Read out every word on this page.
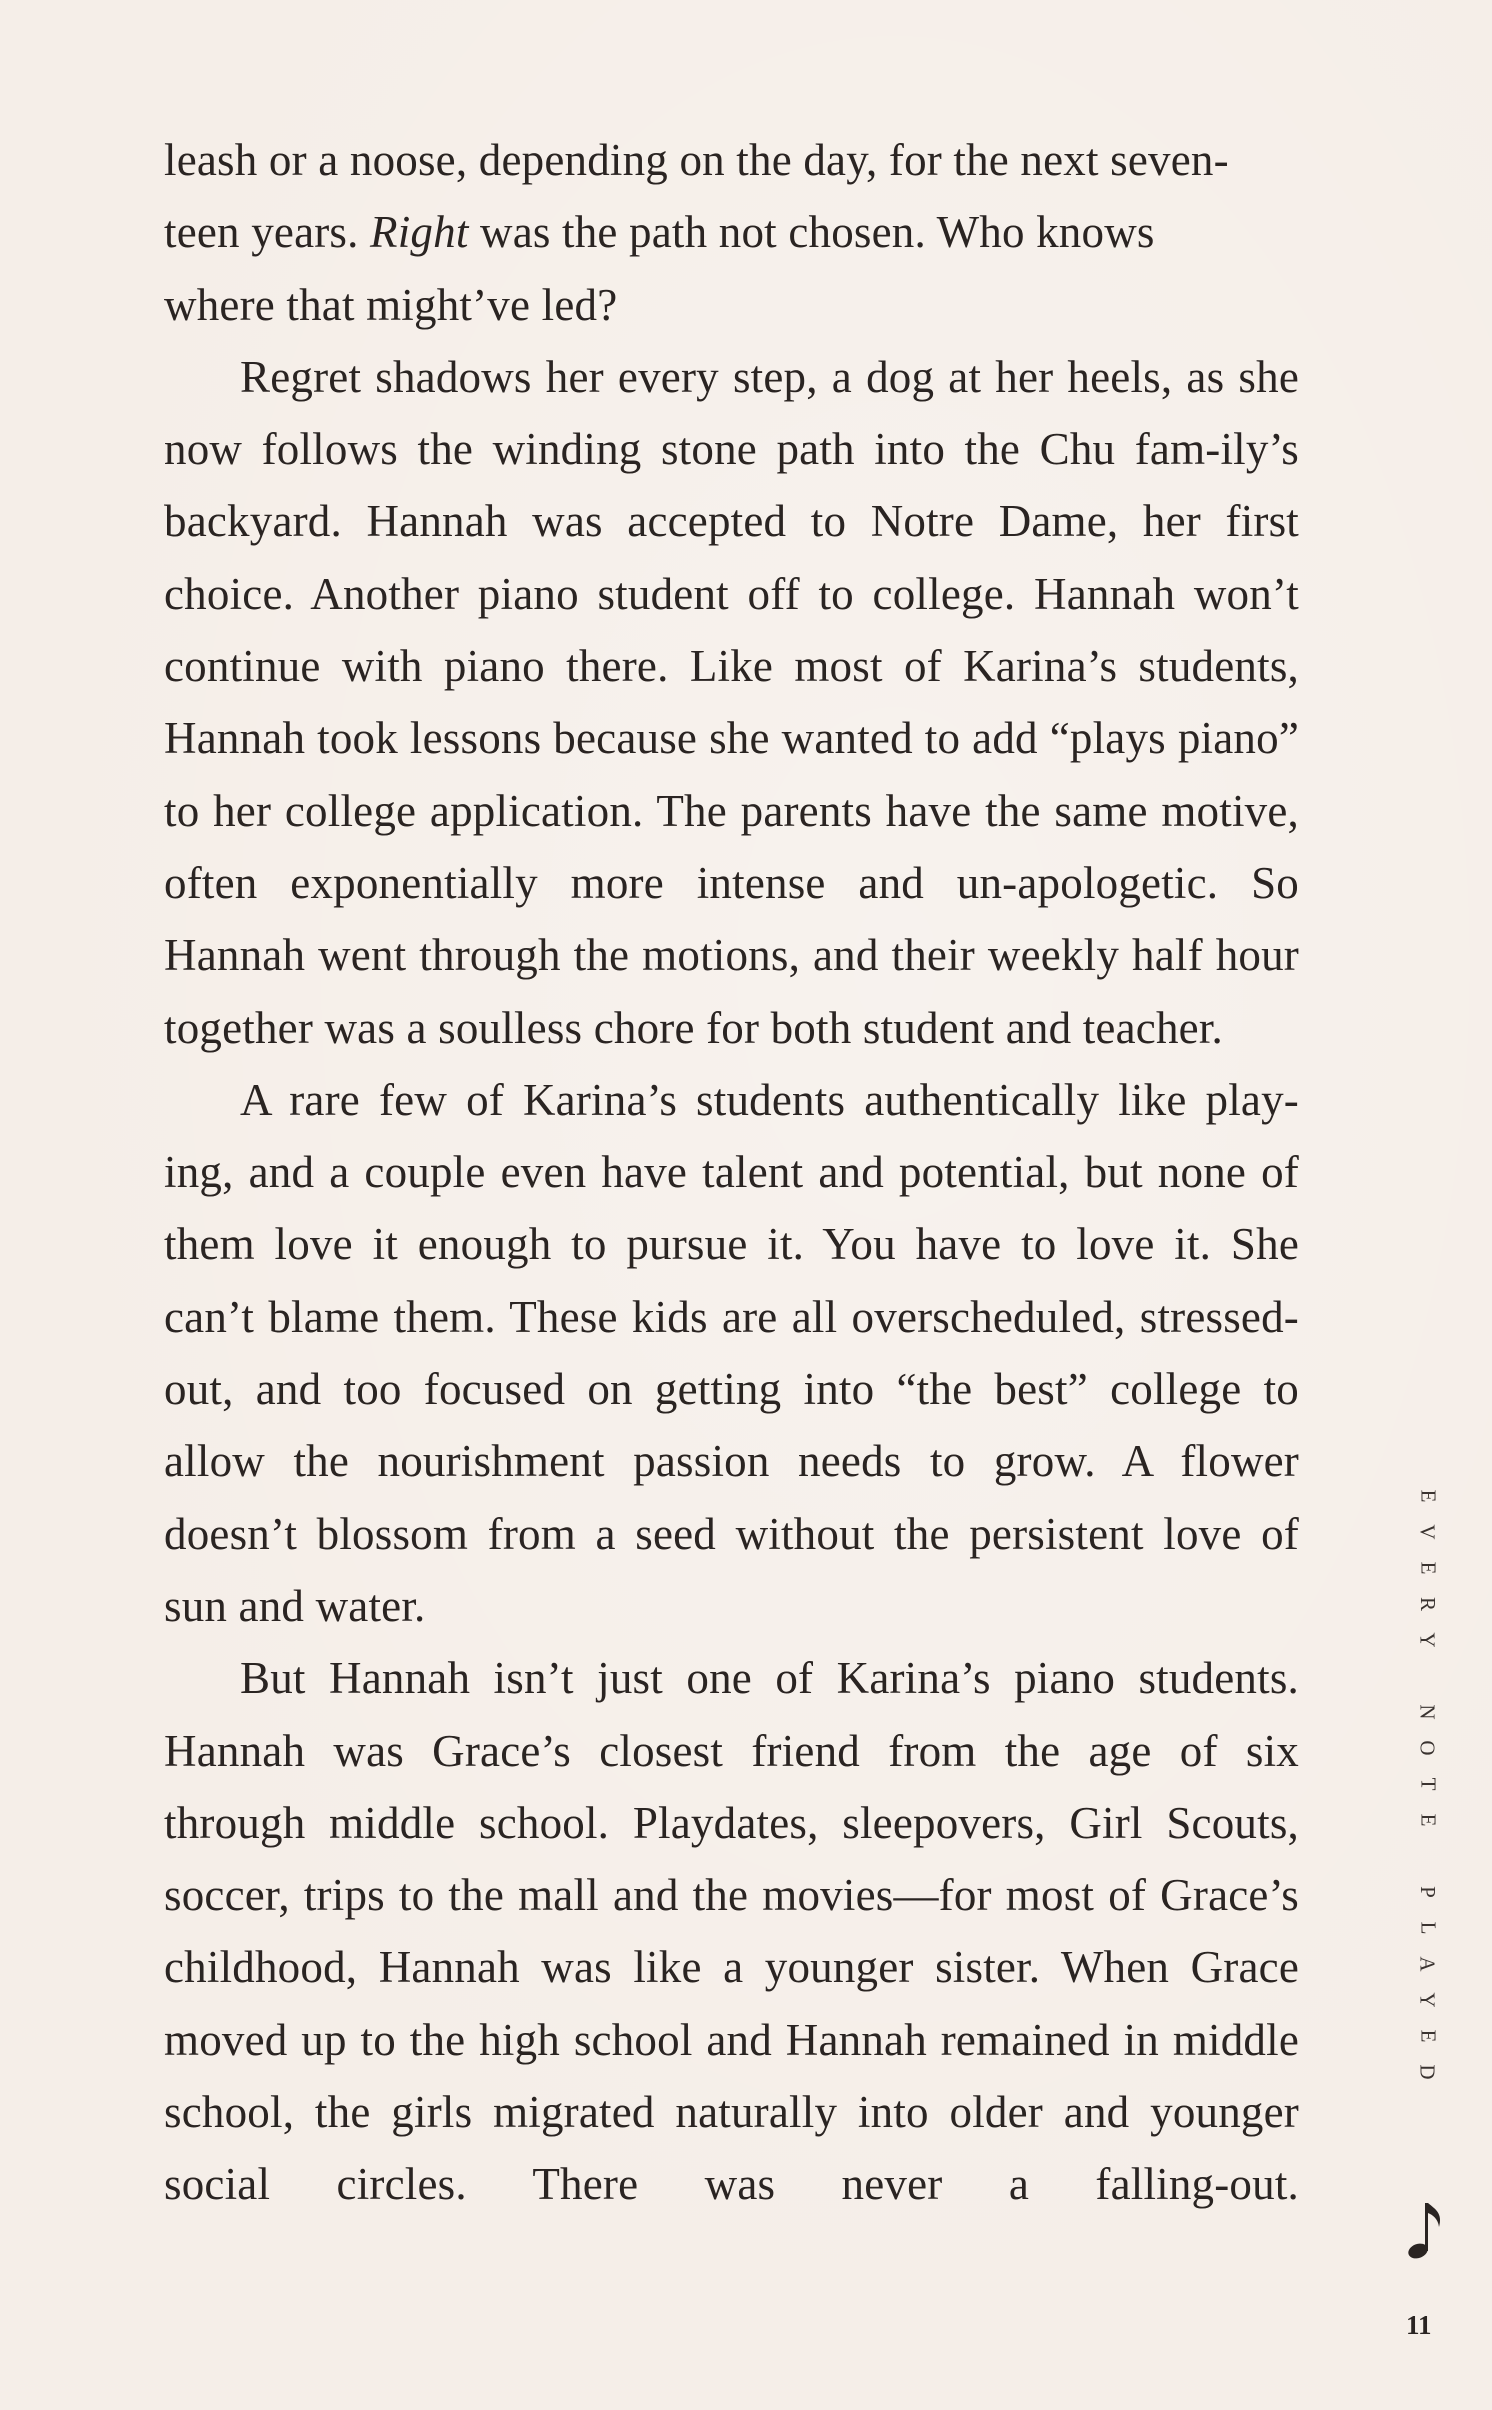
leash or a noose, depending on the day, for the next seven-
teen years. Right was the path not chosen. Who knows
where that might’ve led?

Regret shadows her every step, a dog at her heels, as she now follows the winding stone path into the Chu fam-ily’s backyard. Hannah was accepted to Notre Dame, her first choice. Another piano student off to college. Hannah won’t continue with piano there. Like most of Karina’s students, Hannah took lessons because she wanted to add “plays piano” to her college application. The parents have the same motive, often exponentially more intense and un-apologetic. So Hannah went through the motions, and their weekly half hour together was a soulless chore for both student and teacher.

A rare few of Karina’s students authentically like play-ing, and a couple even have talent and potential, but none of them love it enough to pursue it. You have to love it. She can’t blame them. These kids are all overscheduled, stressed-out, and too focused on getting into “the best” college to allow the nourishment passion needs to grow. A flower doesn’t blossom from a seed without the persistent love of sun and water.

But Hannah isn’t just one of Karina’s piano students. Hannah was Grace’s closest friend from the age of six through middle school. Playdates, sleepovers, Girl Scouts, soccer, trips to the mall and the movies—for most of Grace’s childhood, Hannah was like a younger sister. When Grace moved up to the high school and Hannah remained in middle school, the girls migrated naturally into older and younger social circles. There was never a falling-out.

E
V
E
R
Y
N
O
T
E
P
L
A
Y
E
D
11
